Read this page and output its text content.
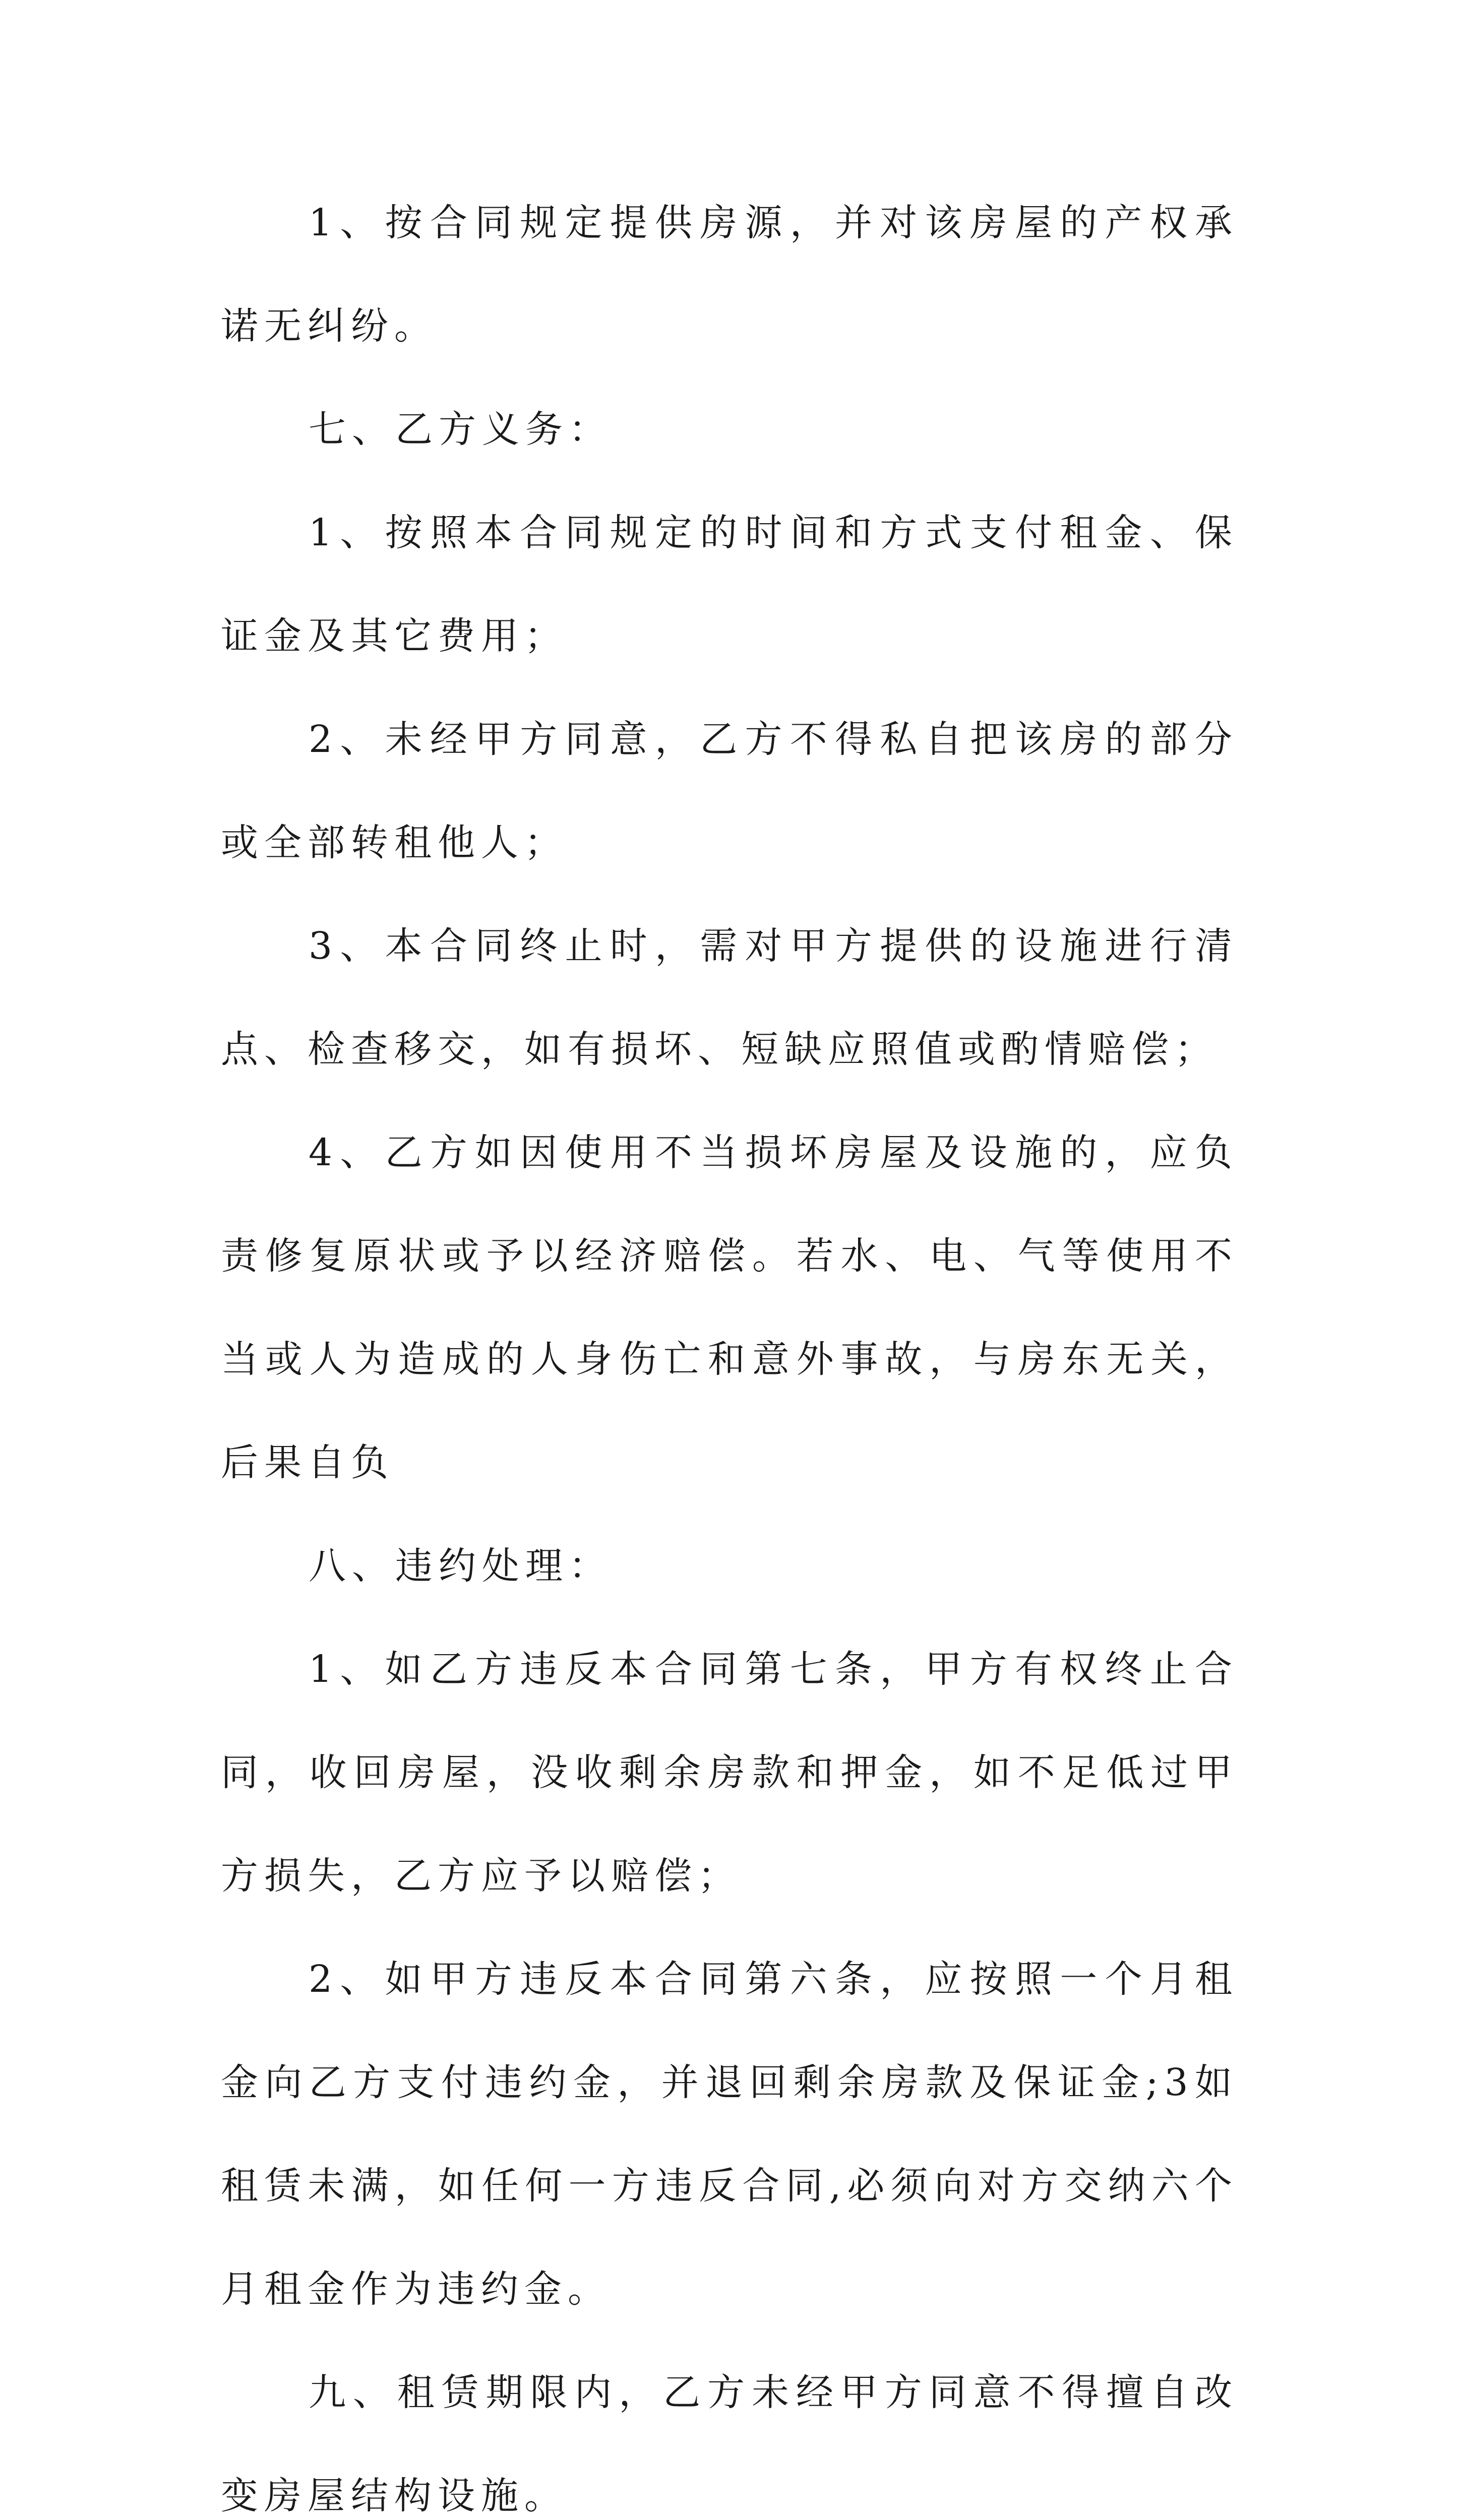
1、按合同规定提供房源，并对该房屋的产权承诺无纠纷。

七、乙方义务：

1、按照本合同规定的时间和方式支付租金、保证金及其它费用；

2、未经甲方同意，乙方不得私自把该房的部分或全部转租他人；

3、本合同终止时，需对甲方提供的设施进行清点、检查移交，如有损坏、短缺应照值或酌情赔偿；

4、乙方如因使用不当损坏房屋及设施的，应负责修复原状或予以经济赔偿。若水、电、气等使用不当或人为造成的人身伤亡和意外事故，与房东无关，后果自负

八、违约处理：

1、如乙方违反本合同第七条，甲方有权终止合同，收回房屋，没收剩余房款和押金，如不足低过甲方损失，乙方应予以赔偿；

2、如甲方违反本合同第六条，应按照一个月租金向乙方支付违约金，并退回剩余房款及保证金;3如租赁未满，如任何一方违反合同,必须向对方交纳六个月租金作为违约金。

九、租赁期限内，乙方未经甲方同意不得擅自改变房屋结构设施。
